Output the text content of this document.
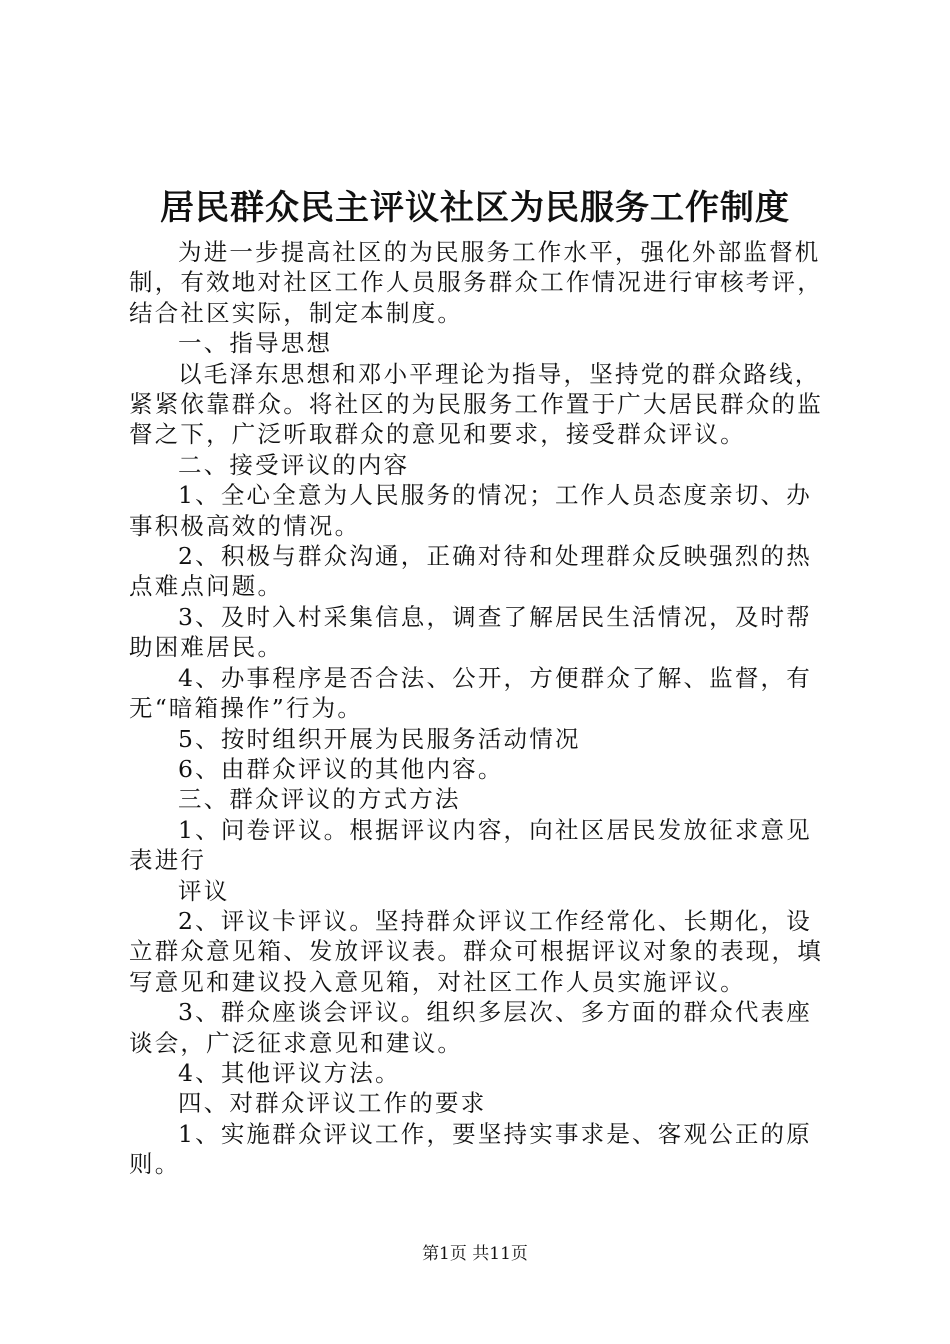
居民群众民主评议社区为民服务工作制度

为进一步提高社区的为民服务工作水平，强化外部监督机制，有效地对社区工作人员服务群众工作情况进行审核考评，结合社区实际，制定本制度。

一、指导思想

以毛泽东思想和邓小平理论为指导，坚持党的群众路线，紧紧依靠群众。将社区的为民服务工作置于广大居民群众的监督之下，广泛听取群众的意见和要求，接受群众评议。

二、接受评议的内容

1、全心全意为人民服务的情况；工作人员态度亲切、办事积极高效的情况。

2、积极与群众沟通，正确对待和处理群众反映强烈的热点难点问题。

3、及时入村采集信息，调查了解居民生活情况，及时帮助困难居民。

4、办事程序是否合法、公开，方便群众了解、监督，有无“暗箱操作”行为。

5、按时组织开展为民服务活动情况

6、由群众评议的其他内容。

三、群众评议的方式方法

1、问卷评议。根据评议内容，向社区居民发放征求意见表进行

评议

2、评议卡评议。坚持群众评议工作经常化、长期化，设立群众意见箱、发放评议表。群众可根据评议对象的表现，填写意见和建议投入意见箱，对社区工作人员实施评议。

3、群众座谈会评议。组织多层次、多方面的群众代表座谈会，广泛征求意见和建议。

4、其他评议方法。

四、对群众评议工作的要求

1、实施群众评议工作，要坚持实事求是、客观公正的原则。

第1页 共11页
